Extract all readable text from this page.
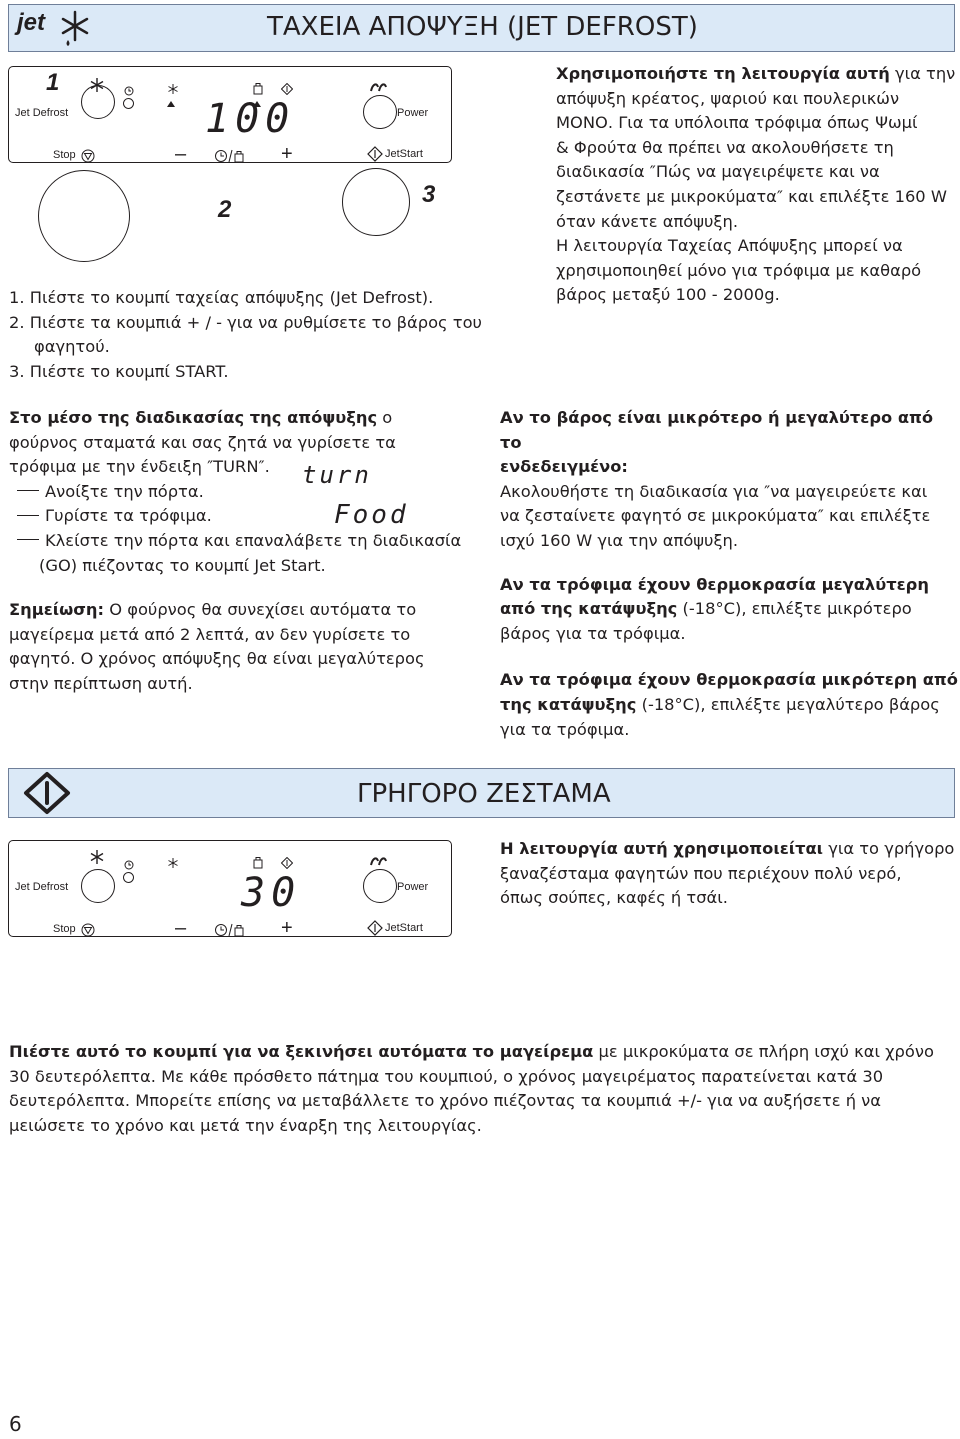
jet	ΤΑΧΕΙΑ ΑΠΟΨΥΞΗ (JET DEFROST)
Jet Defrost
Stop
100
–	+
Power
JetStart
1
2
3
1. Πιέστε το κουμπί ταχείας απόψυξης (Jet Defrost).
2. Πιέστε τα κουμπιά + / - για να ρυθμίσετε το βάρος του
φαγητού.
3. Πιέστε το κουμπί START.
Χρησιμοποιήστε τη λειτουργία αυτή για την
απόψυξη κρέατος, ψαριού και πουλερικών
ΜΟΝΟ. Για τα υπόλοιπα τρόφιμα όπως Ψωμί
& Φρούτα θα πρέπει να ακολουθήσετε τη
διαδικασία ″Πώς να μαγειρέψετε και να
ζεστάνετε με μικροκύματα″ και επιλέξτε 160 W
όταν κάνετε απόψυξη.
Η λειτουργία Ταχείας Απόψυξης μπορεί να
χρησιμοποιηθεί μόνο για τρόφιμα με καθαρό
βάρος μεταξύ 100 - 2000g.
Στο μέσο της διαδικασίας της απόψυξης ο
φούρνος σταματά και σας ζητά να γυρίσετε τα
τρόφιμα με την ένδειξη ″TURN″.
Ανοίξτε την πόρτα.
Γυρίστε τα τρόφιμα.
Κλείστε την πόρτα και επαναλάβετε τη διαδικασία
(GO) πιέζοντας το κουμπί Jet Start.
Σημείωση: Ο φούρνος θα συνεχίσει αυτόματα το
μαγείρεμα μετά από 2 λεπτά, αν δεν γυρίσετε το
φαγητό. Ο χρόνος απόψυξης θα είναι μεγαλύτερος
στην περίπτωση αυτή.
turn
Food
Αν το βάρος είναι μικρότερο ή μεγαλύτερο από το
ενδεδειγμένο:
Ακολουθήστε τη διαδικασία για ″να μαγειρεύετε και
να ζεσταίνετε φαγητό σε μικροκύματα″ και επιλέξτε
ισχύ 160 W για την απόψυξη.
Αν τα τρόφιμα έχουν θερμοκρασία μεγαλύτερη
από της κατάψυξης (-18°C), επιλέξτε μικρότερο
βάρος για τα τρόφιμα.
Αν τα τρόφιμα έχουν θερμοκρασία μικρότερη από
της κατάψυξης (-18°C), επιλέξτε μεγαλύτερο βάρος
για τα τρόφιμα.
ΓΡΗΓΟΡΟ ΖΕΣΤΑΜΑ
Jet Defrost
Stop
30
–	+
Power
JetStart
Η λειτουργία αυτή χρησιμοποιείται για το γρήγορο
ξαναζέσταμα φαγητών που περιέχουν πολύ νερό,
όπως σούπες, καφές ή τσάι.
Πιέστε αυτό το κουμπί για να ξεκινήσει αυτόματα το μαγείρεμα με μικροκύματα σε πλήρη ισχύ και χρόνο
30 δευτερόλεπτα. Με κάθε πρόσθετο πάτημα του κουμπιού, ο χρόνος μαγειρέματος παρατείνεται κατά 30
δευτερόλεπτα. Μπορείτε επίσης να μεταβάλλετε το χρόνο πιέζοντας τα κουμπιά +/- για να αυξήσετε ή να
μειώσετε το χρόνο και μετά την έναρξη της λειτουργίας.
6
